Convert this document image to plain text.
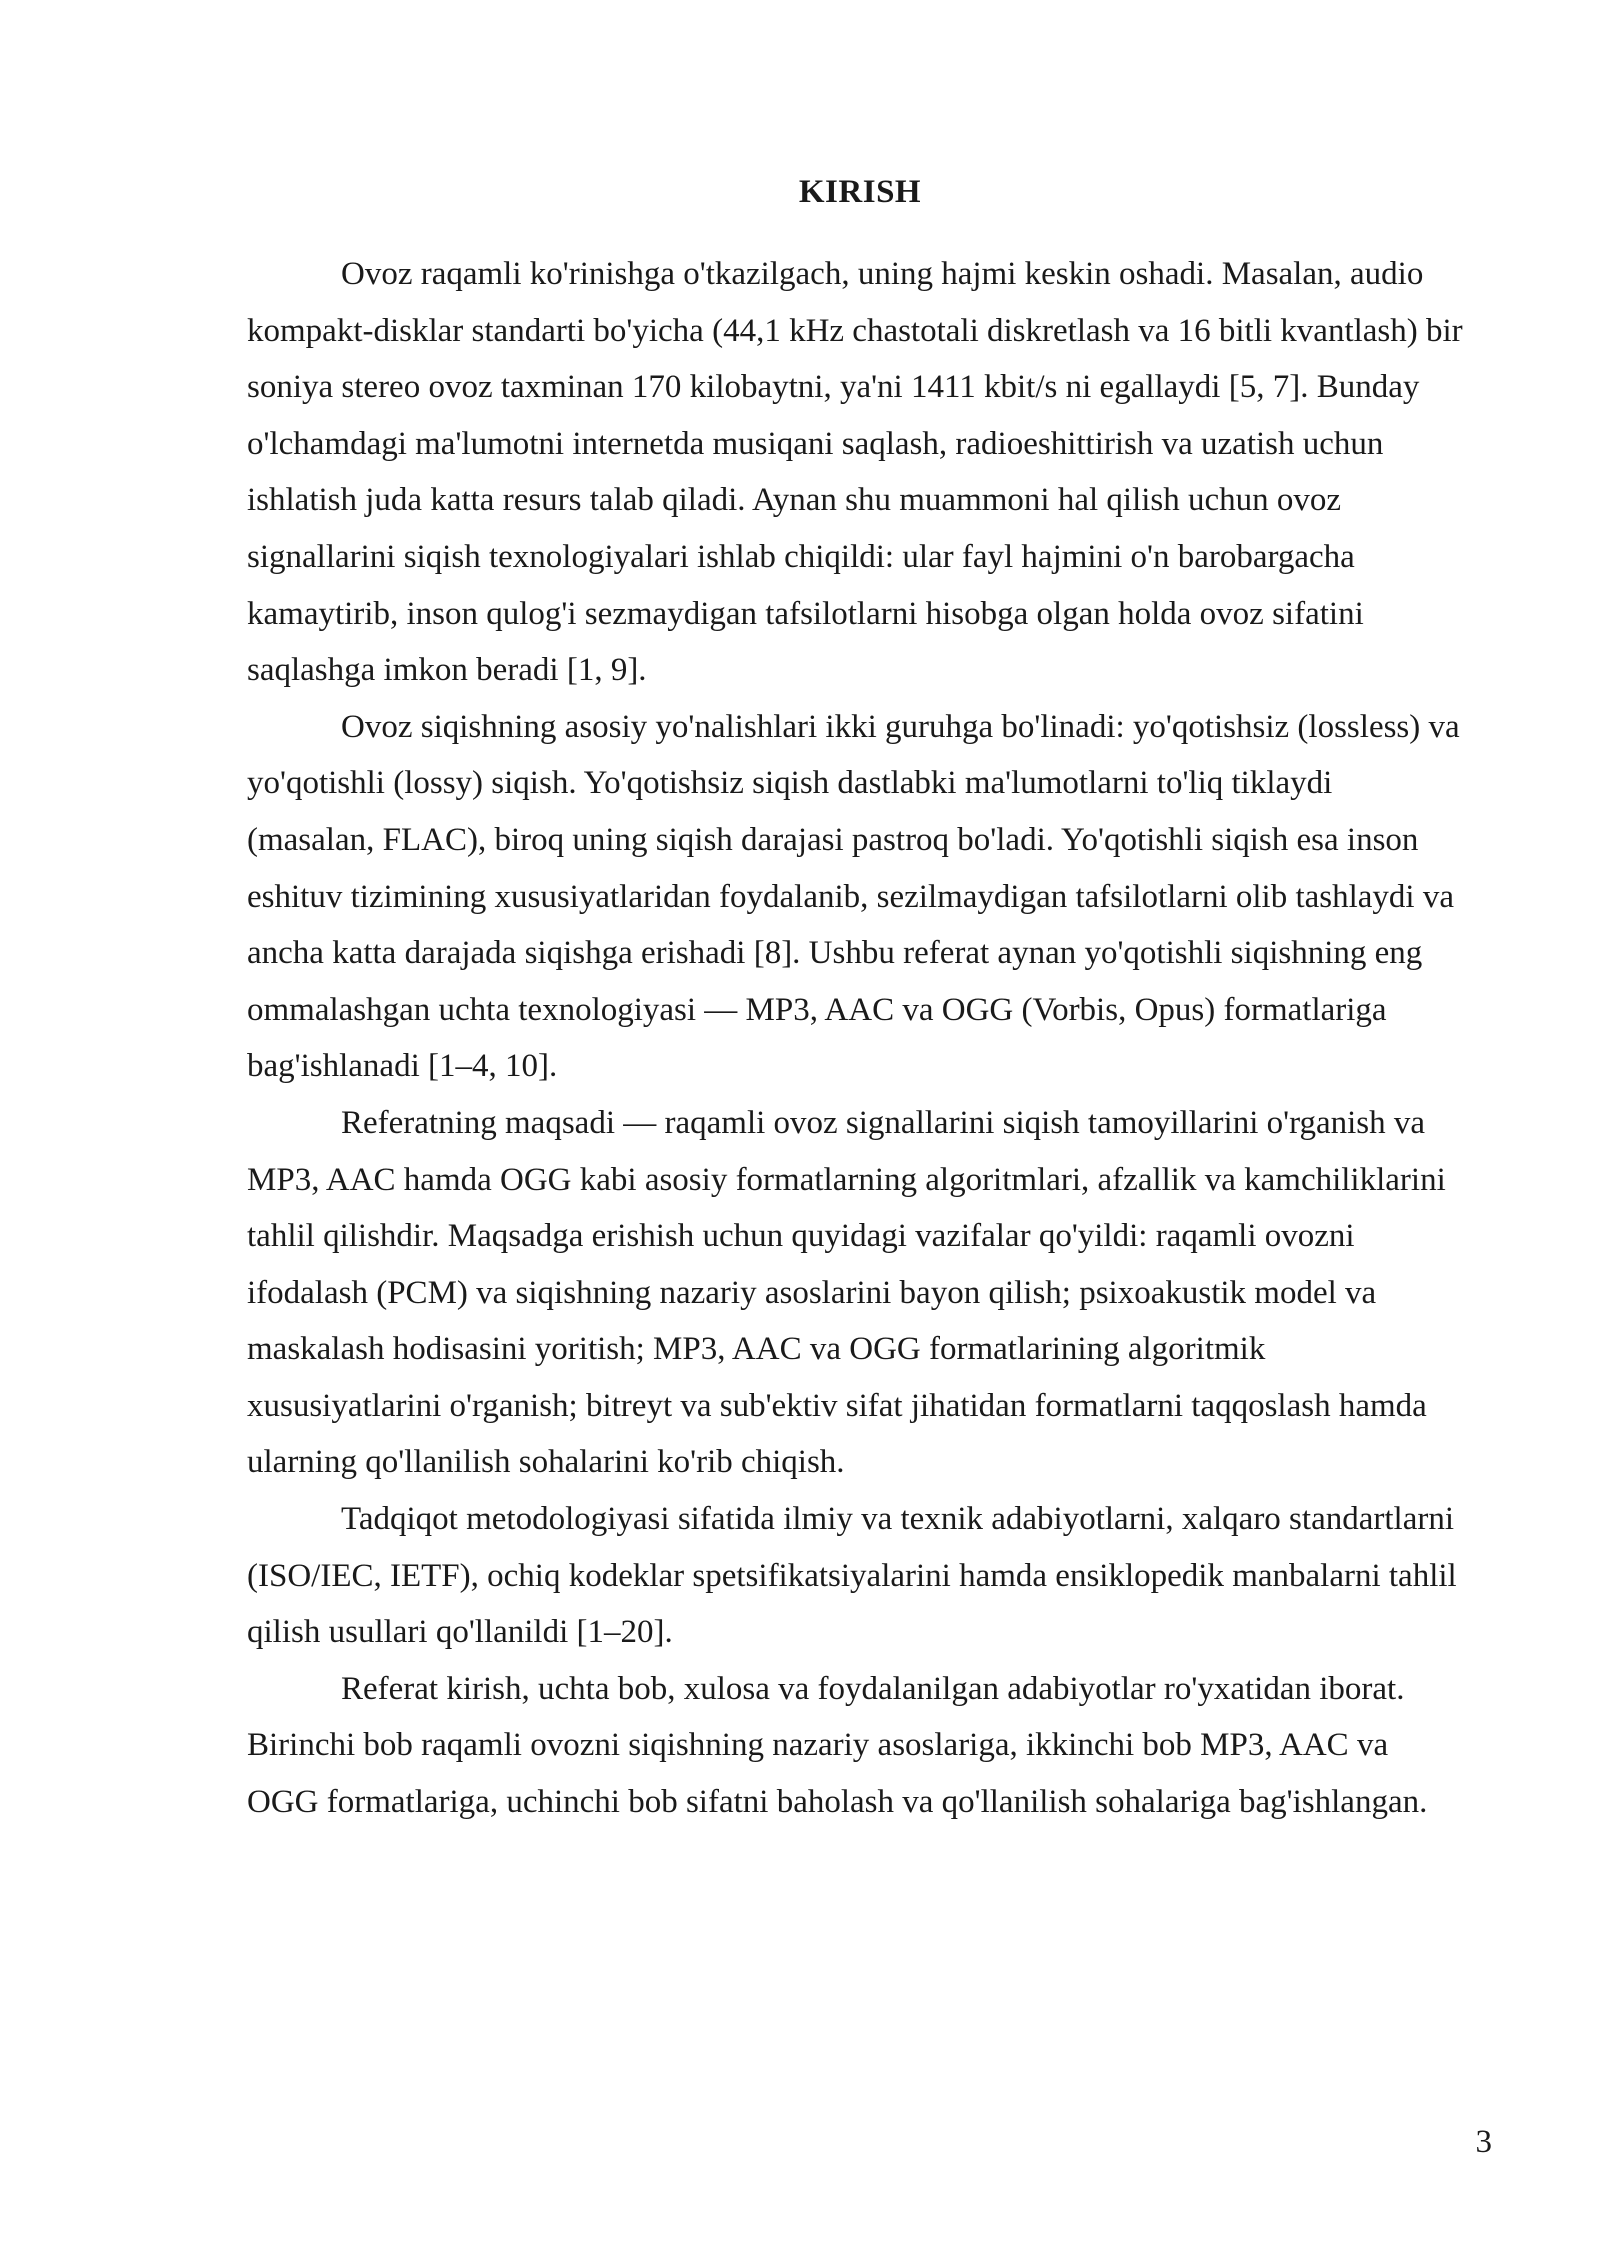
KIRISH

Ovoz raqamli ko'rinishga o'tkazilgach, uning hajmi keskin oshadi. Masalan, audio kompakt-disklar standarti bo'yicha (44,1 kHz chastotali diskretlash va 16 bitli kvantlash) bir soniya stereo ovoz taxminan 170 kilobaytni, ya'ni 1411 kbit/s ni egallaydi [5, 7]. Bunday o'lchamdagi ma'lumotni internetda musiqani saqlash, radioeshittirish va uzatish uchun ishlatish juda katta resurs talab qiladi. Aynan shu muammoni hal qilish uchun ovoz signallarini siqish texnologiyalari ishlab chiqildi: ular fayl hajmini o'n barobargacha kamaytirib, inson qulog'i sezmaydigan tafsilotlarni hisobga olgan holda ovoz sifatini saqlashga imkon beradi [1, 9].

Ovoz siqishning asosiy yo'nalishlari ikki guruhga bo'linadi: yo'qotishsiz (lossless) va yo'qotishli (lossy) siqish. Yo'qotishsiz siqish dastlabki ma'lumotlarni to'liq tiklaydi (masalan, FLAC), biroq uning siqish darajasi pastroq bo'ladi. Yo'qotishli siqish esa inson eshituv tizimining xususiyatlaridan foydalanib, sezilmaydigan tafsilotlarni olib tashlaydi va ancha katta darajada siqishga erishadi [8]. Ushbu referat aynan yo'qotishli siqishning eng ommalashgan uchta texnologiyasi — MP3, AAC va OGG (Vorbis, Opus) formatlariga bag'ishlanadi [1–4, 10].

Referatning maqsadi — raqamli ovoz signallarini siqish tamoyillarini o'rganish va MP3, AAC hamda OGG kabi asosiy formatlarning algoritmlari, afzallik va kamchiliklarini tahlil qilishdir. Maqsadga erishish uchun quyidagi vazifalar qo'yildi: raqamli ovozni ifodalash (PCM) va siqishning nazariy asoslarini bayon qilish; psixoakustik model va maskalash hodisasini yoritish; MP3, AAC va OGG formatlarining algoritmik xususiyatlarini o'rganish; bitreyt va sub'ektiv sifat jihatidan formatlarni taqqoslash hamda ularning qo'llanilish sohalarini ko'rib chiqish.

Tadqiqot metodologiyasi sifatida ilmiy va texnik adabiyotlarni, xalqaro standartlarni (ISO/IEC, IETF), ochiq kodeklar spetsifikatsiyalarini hamda ensiklopedik manbalarni tahlil qilish usullari qo'llanildi [1–20].

Referat kirish, uchta bob, xulosa va foydalanilgan adabiyotlar ro'yxatidan iborat. Birinchi bob raqamli ovozni siqishning nazariy asoslariga, ikkinchi bob MP3, AAC va OGG formatlariga, uchinchi bob sifatni baholash va qo'llanilish sohalariga bag'ishlangan.

3
